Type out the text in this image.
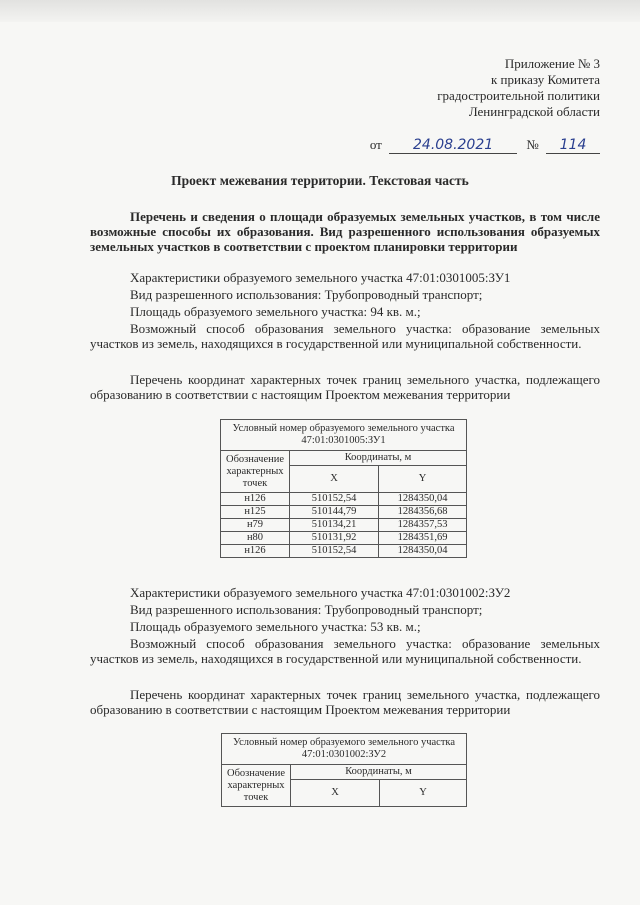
Приложение № 3
к приказу Комитета
градостроительной политики
Ленинградской области
от 24.08.2021	№ 114
Проект межевания территории. Текстовая часть
Перечень и сведения о площади образуемых земельных участков, в том числе возможные способы их образования. Вид разрешенного использования образуемых земельных участков в соответствии с проектом планировки территории
Характеристики образуемого земельного участка 47:01:0301005:ЗУ1
Вид разрешенного использования: Трубопроводный транспорт;
Площадь образуемого земельного участка: 94 кв. м.;
Возможный способ образования земельного участка: образование земельных участков из земель, находящихся в государственной или муниципальной собственности.
Перечень координат характерных точек границ земельного участка, подлежащего образованию в соответствии с настоящим Проектом межевания территории
Условный номер образуемого земельного участка 47:01:0301005:ЗУ1		
Обозначение характерных точек	Координаты, м	
	X	Y
н126	510152,54	1284350,04
н125	510144,79	1284356,68
н79	510134,21	1284357,53
н80	510131,92	1284351,69
н126	510152,54	1284350,04
Характеристики образуемого земельного участка 47:01:0301002:ЗУ2
Вид разрешенного использования: Трубопроводный транспорт;
Площадь образуемого земельного участка: 53 кв. м.;
Возможный способ образования земельного участка: образование земельных участков из земель, находящихся в государственной или муниципальной собственности.
Перечень координат характерных точек границ земельного участка, подлежащего образованию в соответствии с настоящим Проектом межевания территории
Условный номер образуемого земельного участка 47:01:0301002:ЗУ2		
Обозначение характерных точек	Координаты, м	
	X	Y
